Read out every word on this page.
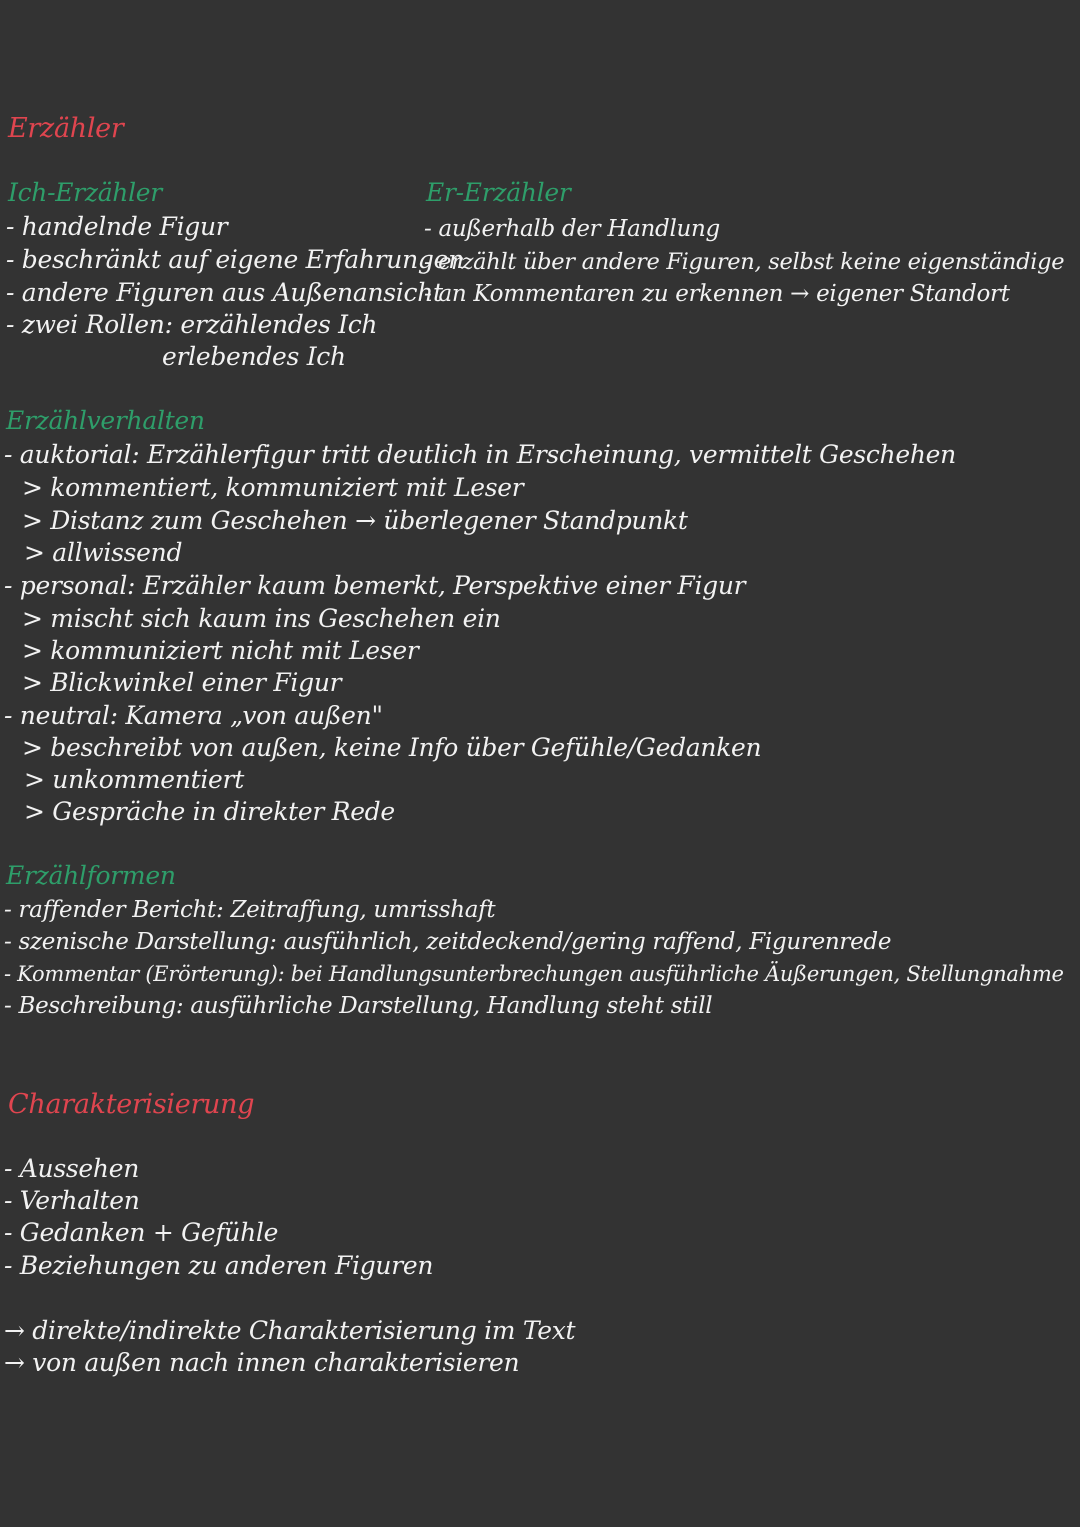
Erzähler
Ich-Erzähler
- handelnde Figur
- beschränkt auf eigene Erfahrungen
- andere Figuren aus Außenansicht
- zwei Rollen: erzählendes Ich
erlebendes Ich
Er-Erzähler
- außerhalb der Handlung
- erzählt über andere Figuren, selbst keine eigenständige
- an Kommentaren zu erkennen → eigener Standort
Erzählverhalten
- auktorial: Erzählerfigur tritt deutlich in Erscheinung, vermittelt Geschehen
> kommentiert, kommuniziert mit Leser
> Distanz zum Geschehen → überlegener Standpunkt
> allwissend
- personal: Erzähler kaum bemerkt, Perspektive einer Figur
> mischt sich kaum ins Geschehen ein
> kommuniziert nicht mit Leser
> Blickwinkel einer Figur
- neutral: Kamera „von außen"
> beschreibt von außen, keine Info über Gefühle/Gedanken
> unkommentiert
> Gespräche in direkter Rede
Erzählformen
- raffender Bericht: Zeitraffung, umrisshaft
- szenische Darstellung: ausführlich, zeitdeckend/gering raffend, Figurenrede
- Kommentar (Erörterung): bei Handlungsunterbrechungen ausführliche Äußerungen, Stellungnahme
- Beschreibung: ausführliche Darstellung, Handlung steht still
Charakterisierung
- Aussehen
- Verhalten
- Gedanken + Gefühle
- Beziehungen zu anderen Figuren
→ direkte/indirekte Charakterisierung im Text
→ von außen nach innen charakterisieren
